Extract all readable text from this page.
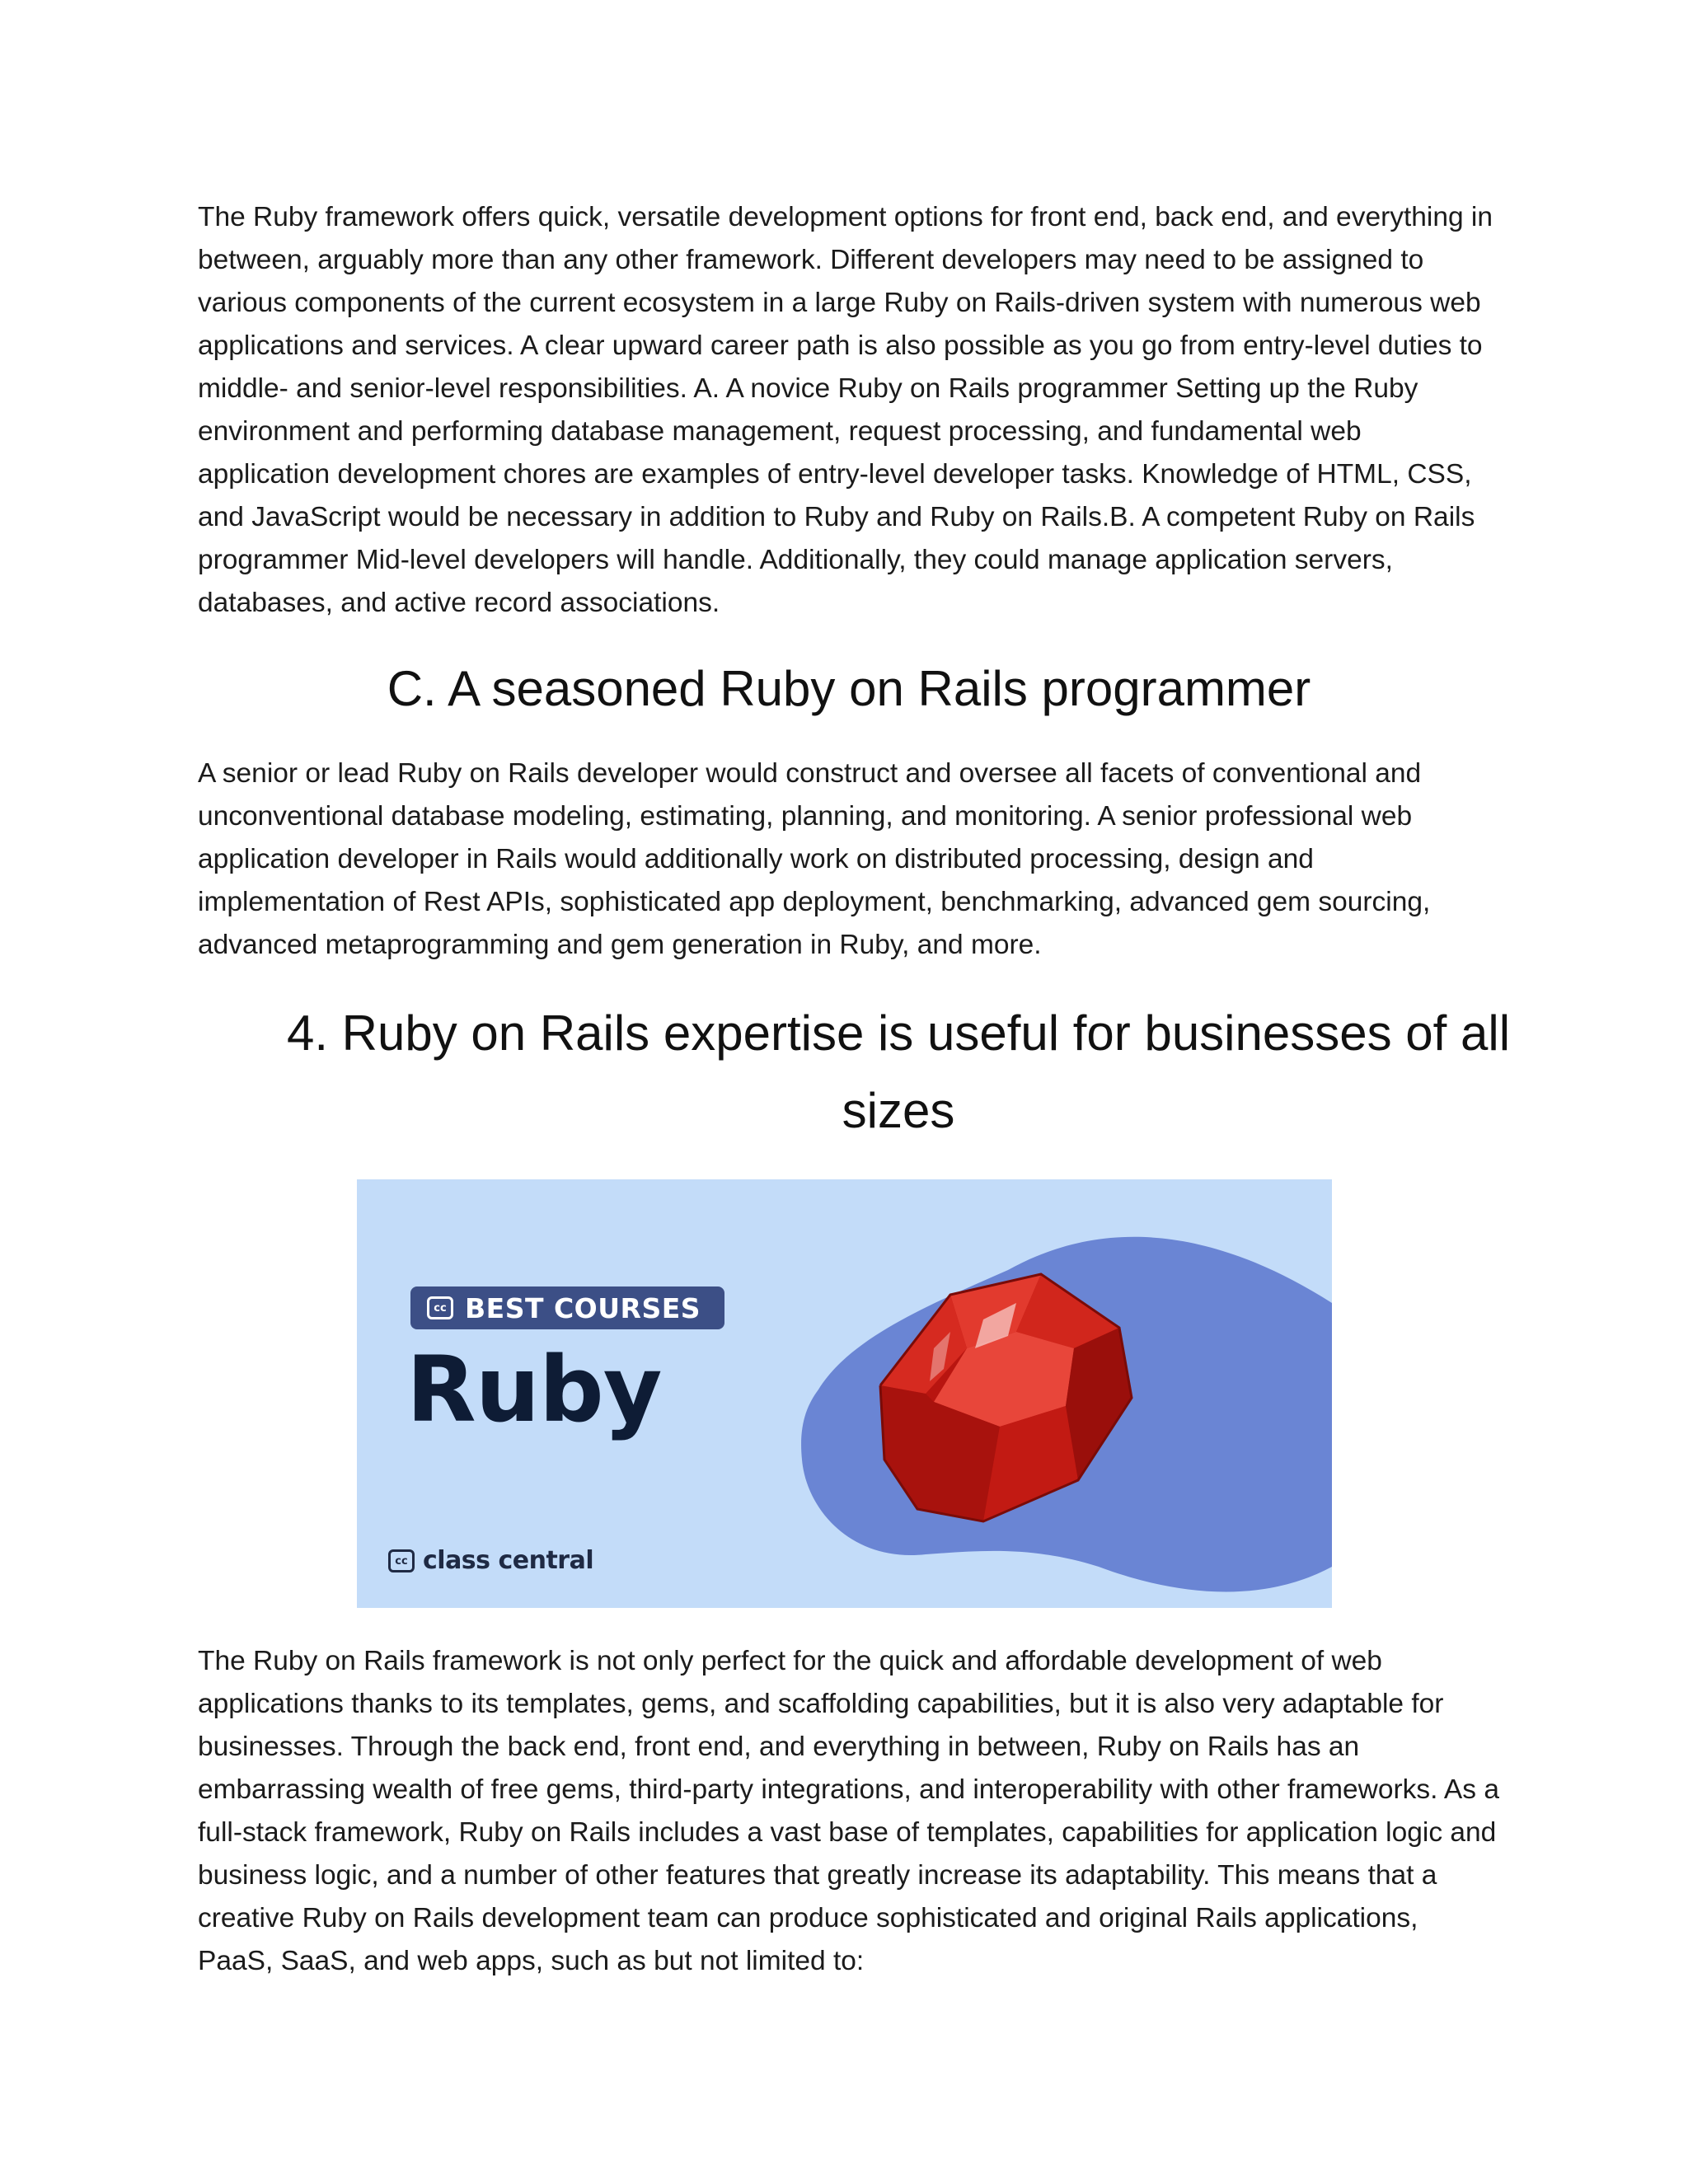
The Ruby framework offers quick, versatile development options for front end, back end, and everything in between, arguably more than any other framework. Different developers may need to be assigned to various components of the current ecosystem in a large Ruby on Rails-driven system with numerous web applications and services. A clear upward career path is also possible as you go from entry-level duties to middle- and senior-level responsibilities. A. A novice Ruby on Rails programmer Setting up the Ruby environment and performing database management, request processing, and fundamental web application development chores are examples of entry-level developer tasks. Knowledge of HTML, CSS, and JavaScript would be necessary in addition to Ruby and Ruby on Rails.B. A competent Ruby on Rails programmer Mid-level developers will handle. Additionally, they could manage application servers, databases, and active record associations.

C. A seasoned Ruby on Rails programmer

A senior or lead Ruby on Rails developer would construct and oversee all facets of conventional and unconventional database modeling, estimating, planning, and monitoring. A senior professional web application developer in Rails would additionally work on distributed processing, design and implementation of Rest APIs, sophisticated app deployment, benchmarking, advanced gem sourcing, advanced metaprogramming and gem generation in Ruby, and more.

4. Ruby on Rails expertise is useful for businesses of all sizes
cc BEST COURSES
Ruby
cc class central

The Ruby on Rails framework is not only perfect for the quick and affordable development of web applications thanks to its templates, gems, and scaffolding capabilities, but it is also very adaptable for businesses. Through the back end, front end, and everything in between, Ruby on Rails has an embarrassing wealth of free gems, third-party integrations, and interoperability with other frameworks. As a full-stack framework, Ruby on Rails includes a vast base of templates, capabilities for application logic and business logic, and a number of other features that greatly increase its adaptability. This means that a creative Ruby on Rails development team can produce sophisticated and original Rails applications, PaaS, SaaS, and web apps, such as but not limited to:
